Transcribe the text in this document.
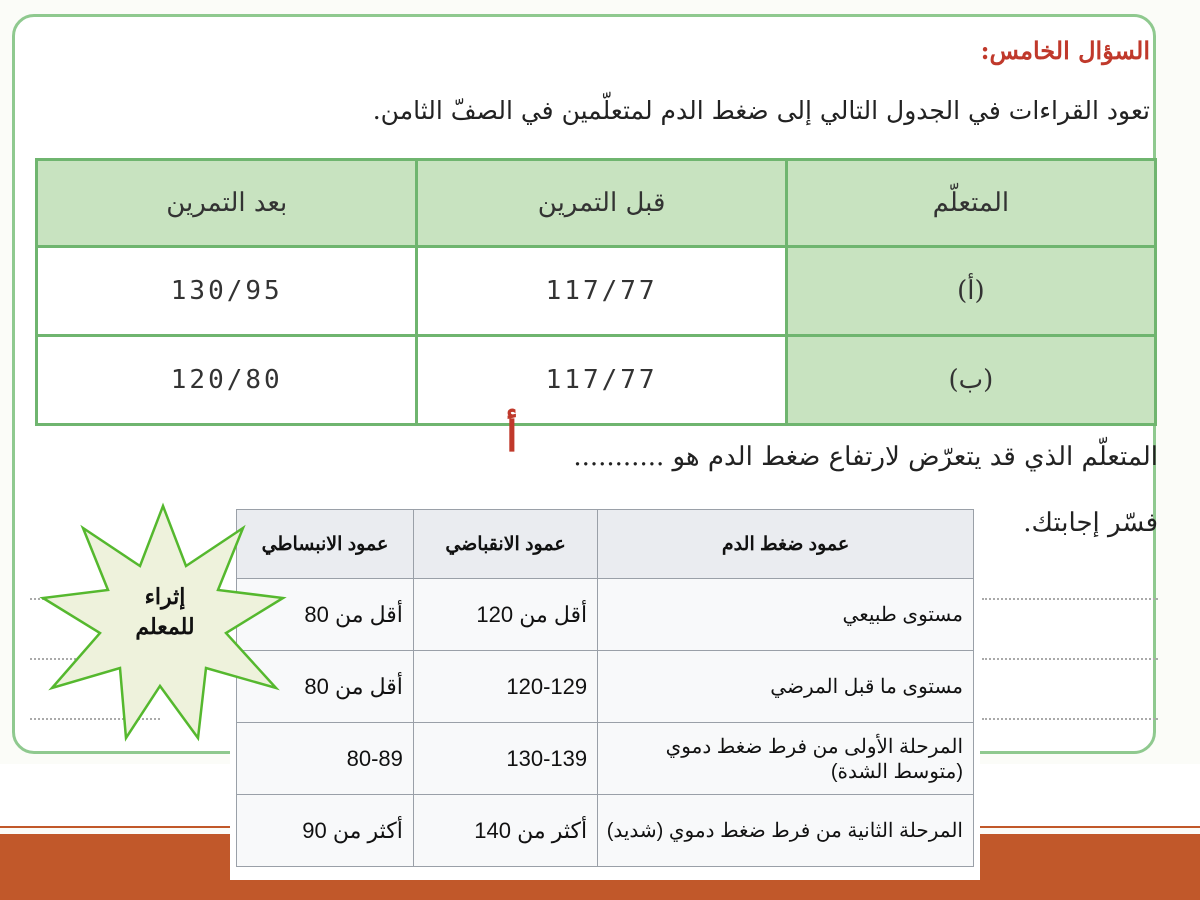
السؤال الخامس:
تعود القراءات في الجدول التالي إلى ضغط الدم لمتعلّمين في الصفّ الثامن.
المتعلّم	قبل التمرين	بعد التمرين
(أ)	117/77	130/95
(ب)	117/77	120/80
أ المتعلّم الذي قد يتعرّض لارتفاع ضغط الدم هو ...........
فسّر إجابتك.
عمود ضغط الدم	عمود الانقباضي	عمود الانبساطي
مستوى طبيعي	أقل من 120	أقل من 80
مستوى ما قبل المرضي	120-129	أقل من 80
المرحلة الأولى من فرط ضغط دموي (متوسط الشدة)	130-139	80-89
المرحلة الثانية من فرط ضغط دموي (شديد)	أكثر من 140	أكثر من 90
إثراء
للمعلم
